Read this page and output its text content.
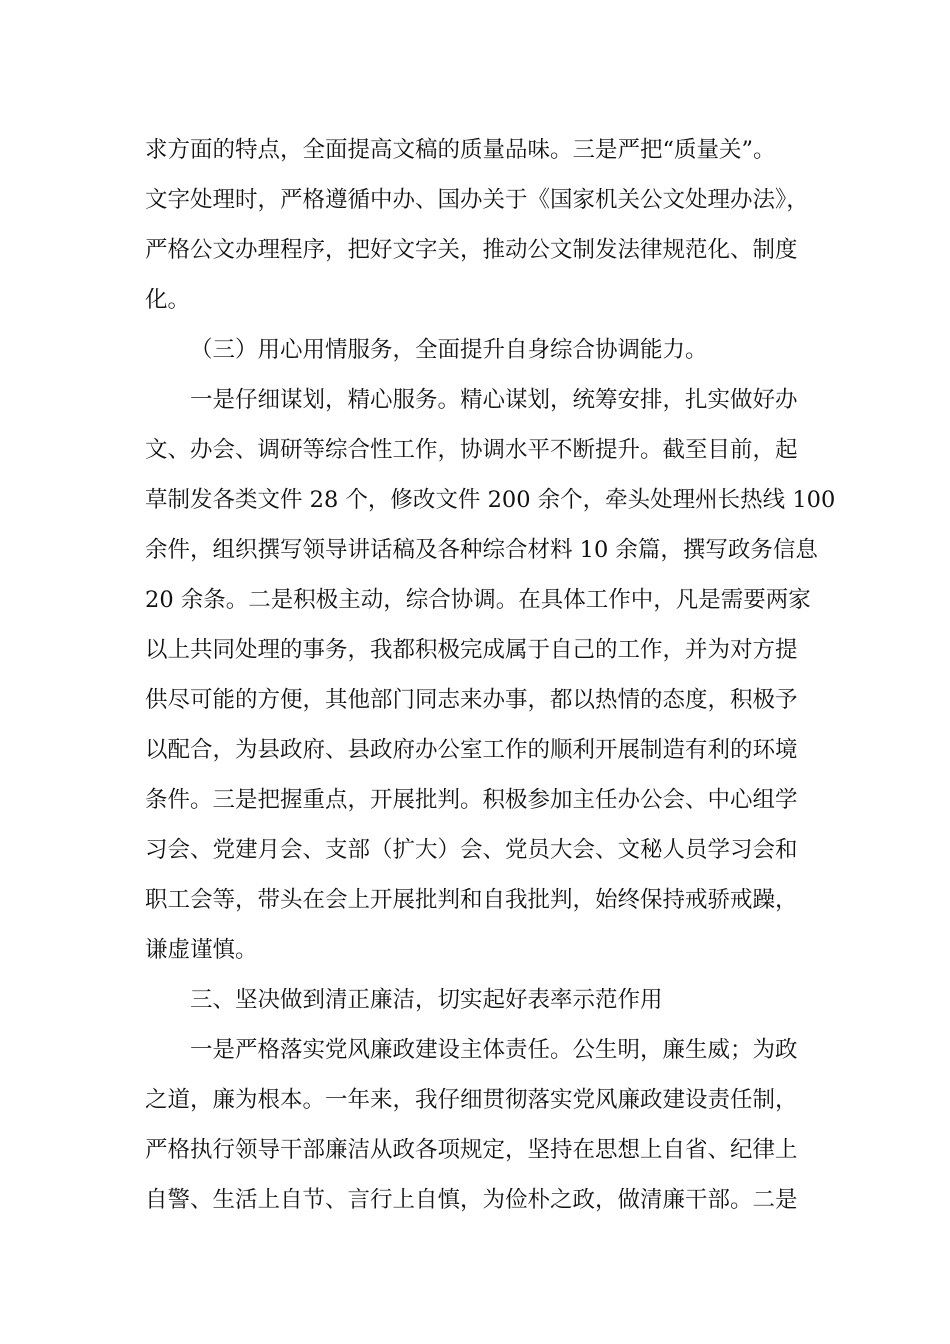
求方面的特点，全面提高文稿的质量品味。三是严把“质量关”。
文字处理时，严格遵循中办、国办关于《国家机关公文处理办法》，
严格公文办理程序，把好文字关，推动公文制发法律规范化、制度
化。
（三）用心用情服务，全面提升自身综合协调能力。
一是仔细谋划，精心服务。精心谋划，统筹安排，扎实做好办
文、办会、调研等综合性工作，协调水平不断提升。截至目前，起
草制发各类文件 28 个，修改文件 200 余个，牵头处理州长热线 100
余件，组织撰写领导讲话稿及各种综合材料 10 余篇，撰写政务信息
20 余条。二是积极主动，综合协调。在具体工作中，凡是需要两家
以上共同处理的事务，我都积极完成属于自己的工作，并为对方提
供尽可能的方便，其他部门同志来办事，都以热情的态度，积极予
以配合，为县政府、县政府办公室工作的顺利开展制造有利的环境
条件。三是把握重点，开展批判。积极参加主任办公会、中心组学
习会、党建月会、支部（扩大）会、党员大会、文秘人员学习会和
职工会等，带头在会上开展批判和自我批判，始终保持戒骄戒躁，
谦虚谨慎。
三、坚决做到清正廉洁，切实起好表率示范作用
一是严格落实党风廉政建设主体责任。公生明，廉生威；为政
之道，廉为根本。一年来，我仔细贯彻落实党风廉政建设责任制，
严格执行领导干部廉洁从政各项规定，坚持在思想上自省、纪律上
自警、生活上自节、言行上自慎，为俭朴之政，做清廉干部。二是
